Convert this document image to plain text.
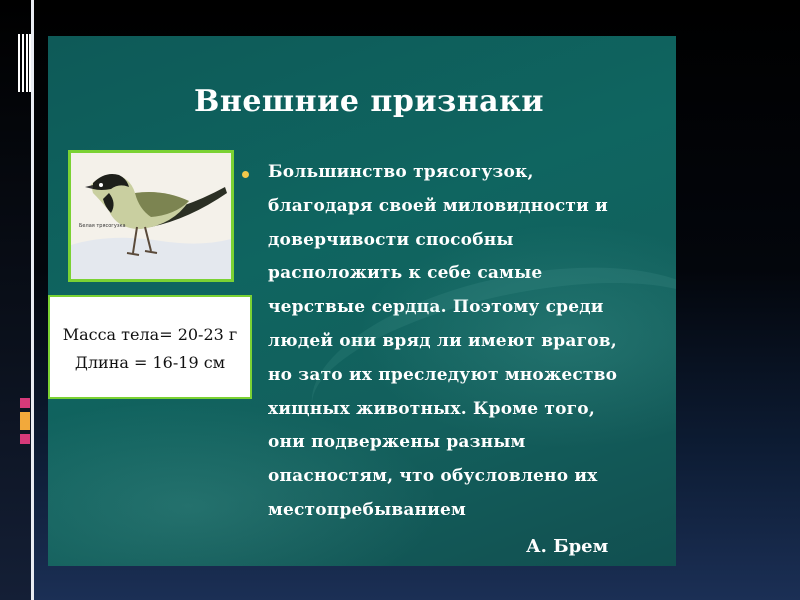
Внешние признаки
Белая трясогузка
Масса тела= 20-23 г
Длина = 16-19 см
Большинство трясогузок,
благодаря своей миловидности и
доверчивости способны
расположить к себе самые
черствые сердца. Поэтому среди
людей они вряд ли имеют врагов,
но зато их преследуют множество
хищных животных. Кроме того,
они подвержены разным
опасностям, что обусловлено их
местопребыванием
А. Брем
